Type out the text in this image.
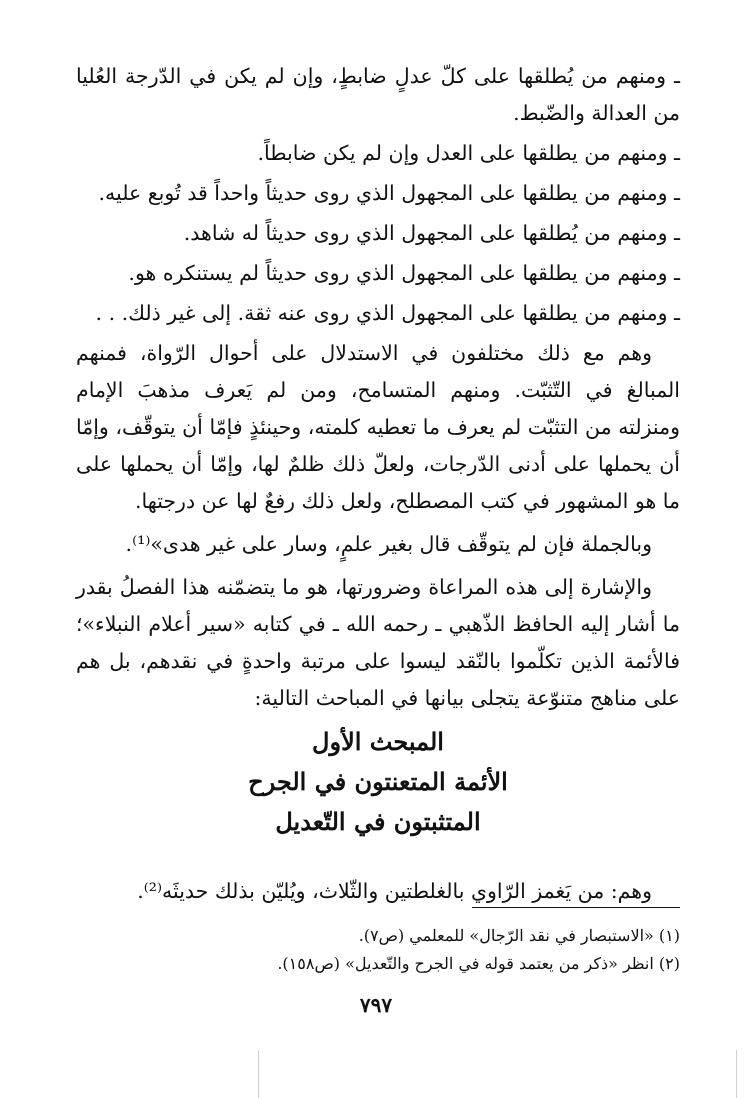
ـ ومنهم من يُطلقها على كلّ عدلٍ ضابطٍ، وإن لم يكن في الدّرجة العُليا من العدالة والضّبط.

ـ ومنهم من يطلقها على العدل وإن لم يكن ضابطاً.

ـ ومنهم من يطلقها على المجهول الذي روى حديثاً واحداً قد تُوبع عليه.

ـ ومنهم من يُطلقها على المجهول الذي روى حديثاً له شاهد.

ـ ومنهم من يطلقها على المجهول الذي روى حديثاً لم يستنكره هو.

ـ ومنهم من يطلقها على المجهول الذي روى عنه ثقة. إلى غير ذلك. . .

وهم مع ذلك مختلفون في الاستدلال على أحوال الرّواة، فمنهم المبالغ في التّثبّت. ومنهم المتسامح، ومن لم يَعرف مذهبَ الإمام ومنزلته من التثبّت لم يعرف ما تعطيه كلمته، وحينئذٍ فإمّا أن يتوقّف، وإمّا أن يحملها على أدنى الدّرجات، ولعلّ ذلك ظلمٌ لها، وإمّا أن يحملها على ما هو المشهور في كتب المصطلح، ولعل ذلك رفعٌ لها عن درجتها.

وبالجملة فإن لم يتوقّف قال بغير علمٍ، وسار على غير هدى»⁽¹⁾.

والإشارة إلى هذه المراعاة وضرورتها، هو ما يتضمّنه هذا الفصلُ بقدر ما أشار إليه الحافظ الذّهبي ـ رحمه الله ـ في كتابه «سير أعلام النبلاء»؛ فالأئمة الذين تكلّموا بالنّقد ليسوا على مرتبة واحدةٍ في نقدهم، بل هم على مناهج متنوّعة يتجلى بيانها في المباحث التالية:

المبحث الأول
الأئمة المتعنتون في الجرح
المتثبتون في التّعديل

وهم: من يَغمز الرّاوي بالغلطتين والثّلاث، ويُليّن بذلك حديثَه⁽²⁾.

(١) «الاستبصار في نقد الرّجال» للمعلمي (ص٧).

(٢) انظر «ذكر من يعتمد قوله في الجرح والتّعديل» (ص١٥٨).

٧٩٧
